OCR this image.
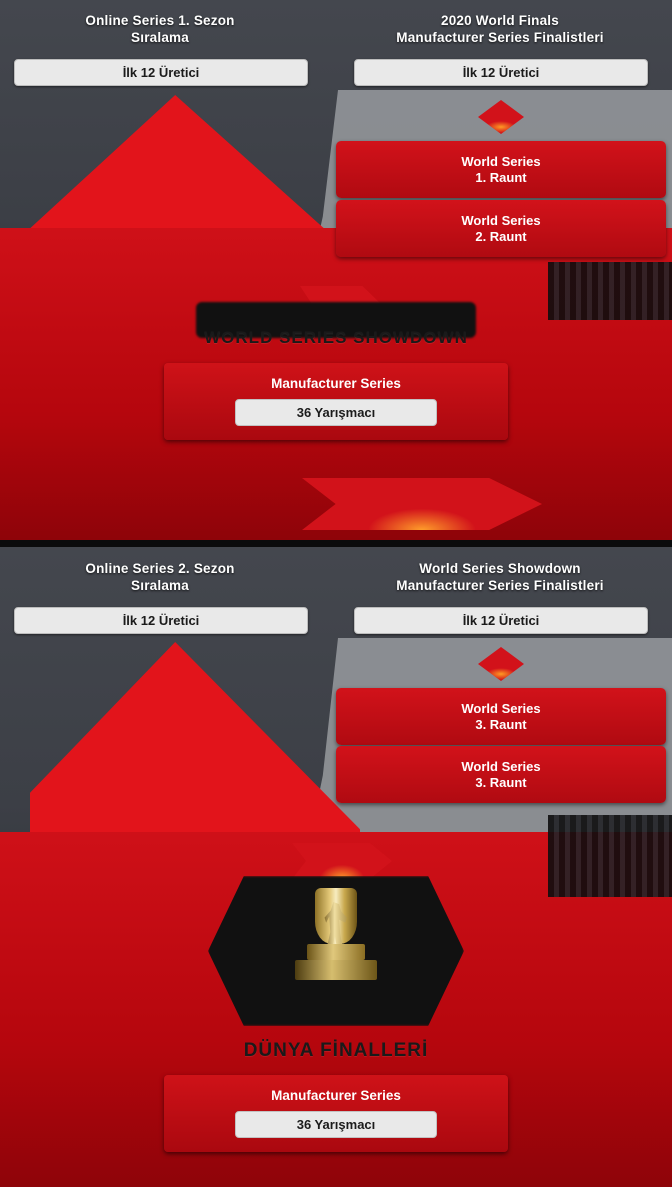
Online Series 1. Sezon
Sıralama
2020 World Finals
Manufacturer Series Finalistleri
İlk 12 Üretici	İlk 12 Üretici
World Series
1. Raunt
World Series
2. Raunt
WORLD SERIES SHOWDOWN
Manufacturer Series
36 Yarışmacı
Online Series 2. Sezon
Sıralama
World Series Showdown
Manufacturer Series Finalistleri
İlk 12 Üretici	İlk 12 Üretici
World Series
3. Raunt
World Series
3. Raunt
DÜNYA FİNALLERİ
Manufacturer Series
36 Yarışmacı
